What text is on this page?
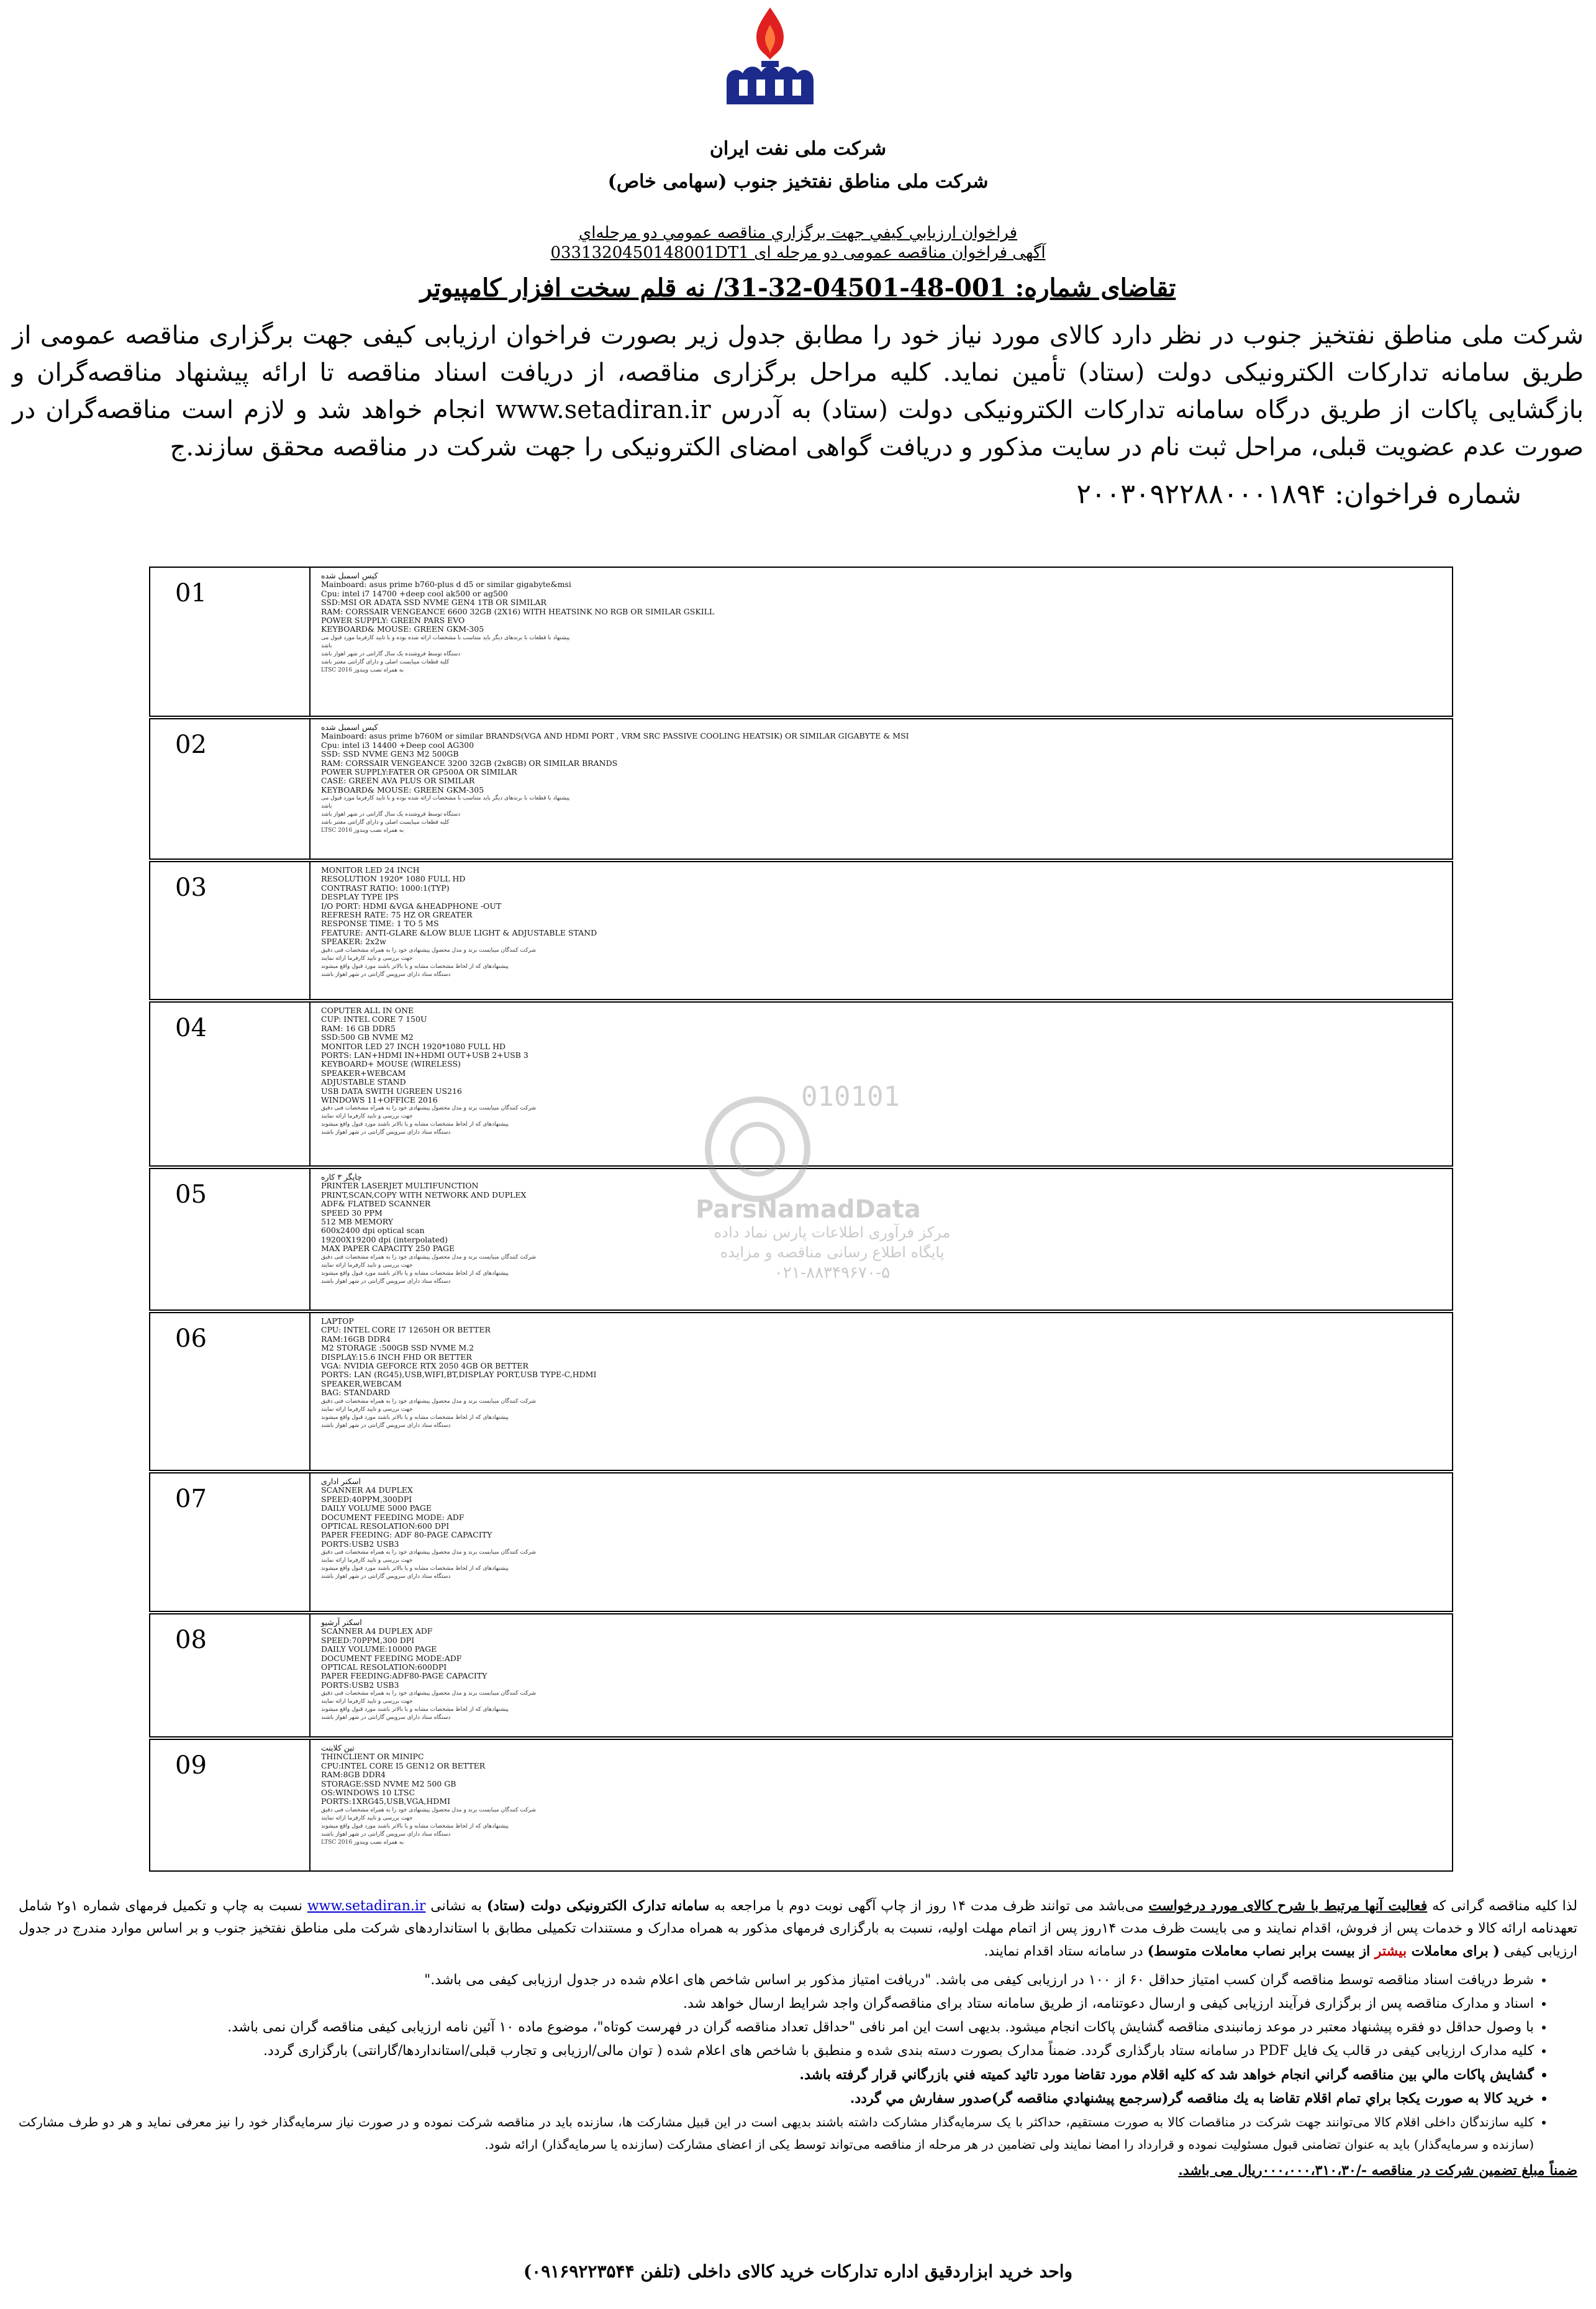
شرکت ملی نفت ایران
شرکت ملی مناطق نفتخیز جنوب (سهامی خاص)
فراخوان ارزيابي كيفي جهت برگزاري مناقصه عمومي دو مرحله‌اي
آگهی فراخوان مناقصه عمومی دو مرحله ای 0331320450148001DT1
تقاضای شماره: 001-48-04501-32-31/ نه قلم سخت افزار کامپیوتر
شرکت ملی مناطق نفتخیز جنوب در نظر دارد کالای مورد نیاز خود را مطابق جدول زیر بصورت فراخوان ارزیابی کیفی جهت برگزاری مناقصه عمومی از طریق سامانه تدارکات الکترونیکی دولت (ستاد) تأمین نماید. کلیه مراحل برگزاری مناقصه، از دریافت اسناد مناقصه تا ارائه پیشنهاد مناقصه‌گران و بازگشایی پاکات از طریق درگاه سامانه تدارکات الکترونیکی دولت (ستاد) به آدرس www.setadiran.ir انجام خواهد شد و لازم است مناقصه‌گران در صورت عدم عضویت قبلی، مراحل ثبت نام در سایت مذکور و دریافت گواهی امضای الکترونیکی را جهت شرکت در مناقصه محقق سازند.ج
شماره فراخوان: ۲۰۰۳۰۹۲۲۸۸۰۰۰۱۸۹۴
01
کیس اسمبل شده
Mainboard: asus prime b760-plus d d5 or similar gigabyte&msi
Cpu: intel i7 14700 +deep cool ak500 or ag500
SSD:MSI OR ADATA SSD NVME GEN4 1TB OR SIMILAR
RAM: CORSSAIR VENGEANCE 6600 32GB (2X16) WITH HEATSINK NO RGB OR SIMILAR GSKILL
POWER SUPPLY: GREEN PARS EVO
KEYBOARD& MOUSE: GREEN GKM-305
پیشنهاد با قطعات با برندهای دیگر باید متناسب با مشخصات ارائه شده بوده و با تایید کارفرما مورد قبول می باشد
دستگاه توسط فروشنده یک سال گارانتی در شهر اهواز باشد
کلیه قطعات میبایست اصلی و دارای گارانتی معتبر باشد
به همراه نصب ویندوز LTSC 2016
02
کیس اسمبل شده
Mainboard: asus prime b760M or similar BRANDS(VGA AND HDMI PORT , VRM SRC PASSIVE COOLING HEATSIK) OR SIMILAR GIGABYTE & MSI
Cpu: intel i3 14400 +Deep cool AG300
SSD: SSD NVME GEN3 M2 500GB
RAM: CORSSAIR VENGEANCE 3200 32GB (2x8GB) OR SIMILAR BRANDS
POWER SUPPLY:FATER OR GP500A OR SIMILAR
CASE: GREEN AVA PLUS OR SIMILAR
KEYBOARD& MOUSE: GREEN GKM-305
پیشنهاد با قطعات با برندهای دیگر باید متناسب با مشخصات ارائه شده بوده و با تایید کارفرما مورد قبول می باشد
دستگاه توسط فروشنده یک سال گارانتی در شهر اهواز باشد
کلیه قطعات میبایست اصلی و دارای گارانتی معتبر باشد
به همراه نصب ویندوز LTSC 2016
03
MONITOR LED 24 INCH
RESOLUTION 1920* 1080 FULL HD
CONTRAST RATIO: 1000:1(TYP)
DESPLAY TYPE IPS
I/O PORT: HDMI &VGA &HEADPHONE -OUT
REFRESH RATE: 75 HZ OR GREATER
RESPONSE TIME: 1 TO 5 MS
FEATURE: ANTI-GLARE &LOW BLUE LIGHT & ADJUSTABLE STAND
SPEAKER: 2x2w
شرکت کنندگان میبایست برند و مدل محصول پیشنهادی خود را به همراه مشخصات فنی دقیق
جهت بررسی و تایید کارفرما ارائه نمایند
پیشنهادهای که از لحاظ مشخصات مشابه و یا بالاتر باشند مورد قبول واقع میشوند
دستگاه ستاد دارای سرویس گارانتی در شهر اهواز باشند
04
COPUTER ALL IN ONE
CUP: INTEL CORE 7 150U
RAM: 16 GB DDR5
SSD:500 GB NVME M2
MONITOR LED 27 INCH 1920*1080 FULL HD
PORTS: LAN+HDMI IN+HDMI OUT+USB 2+USB 3
KEYBOARD+ MOUSE (WIRELESS)
SPEAKER+WEBCAM
ADJUSTABLE STAND
USB DATA SWITH UGREEN US216
WINDOWS 11+OFFICE 2016
شرکت کنندگان میبایست برند و مدل محصول پیشنهادی خود را به همراه مشخصات فنی دقیق
جهت بررسی و تایید کارفرما ارائه نمایند
پیشنهادهای که از لحاظ مشخصات مشابه و یا بالاتر باشند مورد قبول واقع میشوند
دستگاه ستاد دارای سرویس گارانتی در شهر اهواز باشند
05
چاپگر ۳ کاره
PRINTER LASERJET MULTIFUNCTION
PRINT,SCAN,COPY WITH NETWORK AND DUPLEX
ADF& FLATBED SCANNER
SPEED 30 PPM
512 MB MEMORY
600x2400 dpi optical scan
19200X19200 dpi (interpolated)
MAX PAPER CAPACITY 250 PAGE
شرکت کنندگان میبایست برند و مدل محصول پیشنهادی خود را به همراه مشخصات فنی دقیق
جهت بررسی و تایید کارفرما ارائه نمایند
پیشنهادهای که از لحاظ مشخصات مشابه و یا بالاتر باشند مورد قبول واقع میشوند
دستگاه ستاد دارای سرویس گارانتی در شهر اهواز باشند
06
LAPTOP
CPU: INTEL CORE I7 12650H OR BETTER
RAM:16GB DDR4
M2 STORAGE :500GB SSD NVME M.2
DISPLAY:15.6 INCH FHD OR BETTER
VGA: NVIDIA GEFORCE RTX 2050 4GB OR BETTER
PORTS: LAN (RG45),USB,WIFI,BT,DISPLAY PORT,USB TYPE-C,HDMI
SPEAKER,WEBCAM
BAG: STANDARD
شرکت کنندگان میبایست برند و مدل محصول پیشنهادی خود را به همراه مشخصات فنی دقیق
جهت بررسی و تایید کارفرما ارائه نمایند
پیشنهادهای که از لحاظ مشخصات مشابه و یا بالاتر باشند مورد قبول واقع میشوند
دستگاه ستاد دارای سرویس گارانتی در شهر اهواز باشند
07
اسکنر اداری
SCANNER A4 DUPLEX
SPEED:40PPM,300DPI
DAILY VOLUME 5000 PAGE
DOCUMENT FEEDING MODE: ADF
OPTICAL RESOLATION:600 DPI
PAPER FEEDING: ADF 80-PAGE CAPACITY
PORTS:USB2 USB3
شرکت کنندگان میبایست برند و مدل محصول پیشنهادی خود را به همراه مشخصات فنی دقیق
جهت بررسی و تایید کارفرما ارائه نمایند
پیشنهادهای که از لحاظ مشخصات مشابه و یا بالاتر باشند مورد قبول واقع میشوند
دستگاه ستاد دارای سرویس گارانتی در شهر اهواز باشند
08
اسکنر آرشیو
SCANNER A4 DUPLEX ADF
SPEED:70PPM,300 DPI
DAILY VOLUME:10000 PAGE
DOCUMENT FEEDING MODE:ADF
OPTICAL RESOLATION:600DPI
PAPER FEEDING:ADF80-PAGE CAPACITY
PORTS:USB2 USB3
شرکت کنندگان میبایست برند و مدل محصول پیشنهادی خود را به همراه مشخصات فنی دقیق
جهت بررسی و تایید کارفرما ارائه نمایند
پیشنهادهای که از لحاظ مشخصات مشابه و یا بالاتر باشند مورد قبول واقع میشوند
دستگاه ستاد دارای سرویس گارانتی در شهر اهواز باشند
09
تین کلاینت
THINCLIENT OR MINIPC
CPU:INTEL CORE I5 GEN12 OR BETTER
RAM:8GB DDR4
STORAGE:SSD NVME M2 500 GB
OS:WINDOWS 10 LTSC
PORTS:1XRG45,USB,VGA,HDMI
شرکت کنندگان میبایست برند و مدل محصول پیشنهادی خود را به همراه مشخصات فنی دقیق
جهت بررسی و تایید کارفرما ارائه نمایند
پیشنهادهای که از لحاظ مشخصات مشابه و یا بالاتر باشند مورد قبول واقع میشوند
دستگاه ستاد دارای سرویس گارانتی در شهر اهواز باشند
به همراه نصب ویندوز LTSC 2016
010101
ParsNamadData
مرکز فرآوری اطلاعات پارس نماد داده
پایگاه اطلاع رسانی مناقصه و مزایده
۰۲۱-۸۸۳۴۹۶۷۰-۵

لذا کلیه مناقصه گرانی که فعالیت آنها مرتبط با شرح کالای مورد درخواست می‌باشد می توانند ظرف مدت ۱۴ روز از چاپ آگهی نوبت دوم با مراجعه به سامانه تدارک الکترونیکی دولت (ستاد) به نشانی www.setadiran.ir نسبت به چاپ و تکمیل فرمهای شماره ۱و۲ شامل تعهدنامه ارائه کالا و خدمات پس از فروش، اقدام نمایند و می بایست ظرف مدت ۱۴روز پس از اتمام مهلت اولیه، نسبت به بارگزاری فرمهای مذکور به همراه مدارک و مستندات تکمیلی مطابق با استانداردهای شرکت ملی مناطق نفتخیز جنوب و بر اساس موارد مندرج در جدول ارزیابی کیفی ( برای معاملات بیشتر از بیست برابر نصاب معاملات متوسط) در سامانه ستاد اقدام نمایند.

• شرط دریافت اسناد مناقصه توسط مناقصه گران کسب امتیاز حداقل ۶۰ از ۱۰۰ در ارزیابی کیفی می باشد. "دریافت امتیاز مذکور بر اساس شاخص های اعلام شده در جدول ارزیابی کیفی می باشد."
• اسناد و مدارک مناقصه پس از برگزاری فرآیند ارزیابی کیفی و ارسال دعوتنامه، از طریق سامانه ستاد برای مناقصه‌گران واجد شرایط ارسال خواهد شد.
• با وصول حداقل دو فقره پیشنهاد معتبر در موعد زمانبندی مناقصه گشایش پاکات انجام میشود. بدیهی است این امر نافی "حداقل تعداد مناقصه گران در فهرست کوتاه"، موضوع ماده ۱۰ آئین نامه ارزیابی کیفی مناقصه گران نمی باشد.
• کلیه مدارک ارزیابی کیفی در قالب یک فایل PDF در سامانه ستاد بارگذاری گردد. ضمناً مدارک بصورت دسته بندی شده و منطبق با شاخص های اعلام شده ( توان مالی/ارزیابی و تجارب قبلی/استانداردها/گارانتی) بارگزاری گردد.
• گشايش پاكات مالي بين مناقصه گراني انجام خواهد شد كه كليه اقلام مورد تقاضا مورد تائيد كميته فني بازرگاني قرار گرفته باشد.
• خريد كالا به صورت يكجا براي تمام اقلام تقاضا به يك مناقصه گر(سرجمع پيشنهادي مناقصه گر)صدور سفارش مي گردد.
• کلیه سازندگان داخلی اقلام کالا می‌توانند جهت شرکت در مناقصات کالا به صورت مستقیم، حداکثر با یک سرمایه‌گذار مشارکت داشته باشند بدیهی است در این قبیل مشارکت ها، سازنده باید در مناقصه شرکت نموده و در صورت نیاز سرمایه‌گذار خود را نیز معرفی نماید و هر دو طرف مشارکت (سازنده و سرمایه‌گذار) باید به عنوان تضامنی قبول مسئولیت نموده و قرارداد را امضا نمایند ولی تضامین در هر مرحله از مناقصه می‌تواند توسط یکی از اعضای مشارکت (سازنده یا سرمایه‌گذار) ارائه شود.

ضمناً مبلغ تضمین شرکت در مناقصه -/۰۰۰،۰۰۰،۳۱۰،۳۰ریال می باشد.

واحد خرید ابزاردقیق اداره تدارکات خرید کالای داخلی (تلفن ۰۹۱۶۹۲۲۳۵۴۴)
